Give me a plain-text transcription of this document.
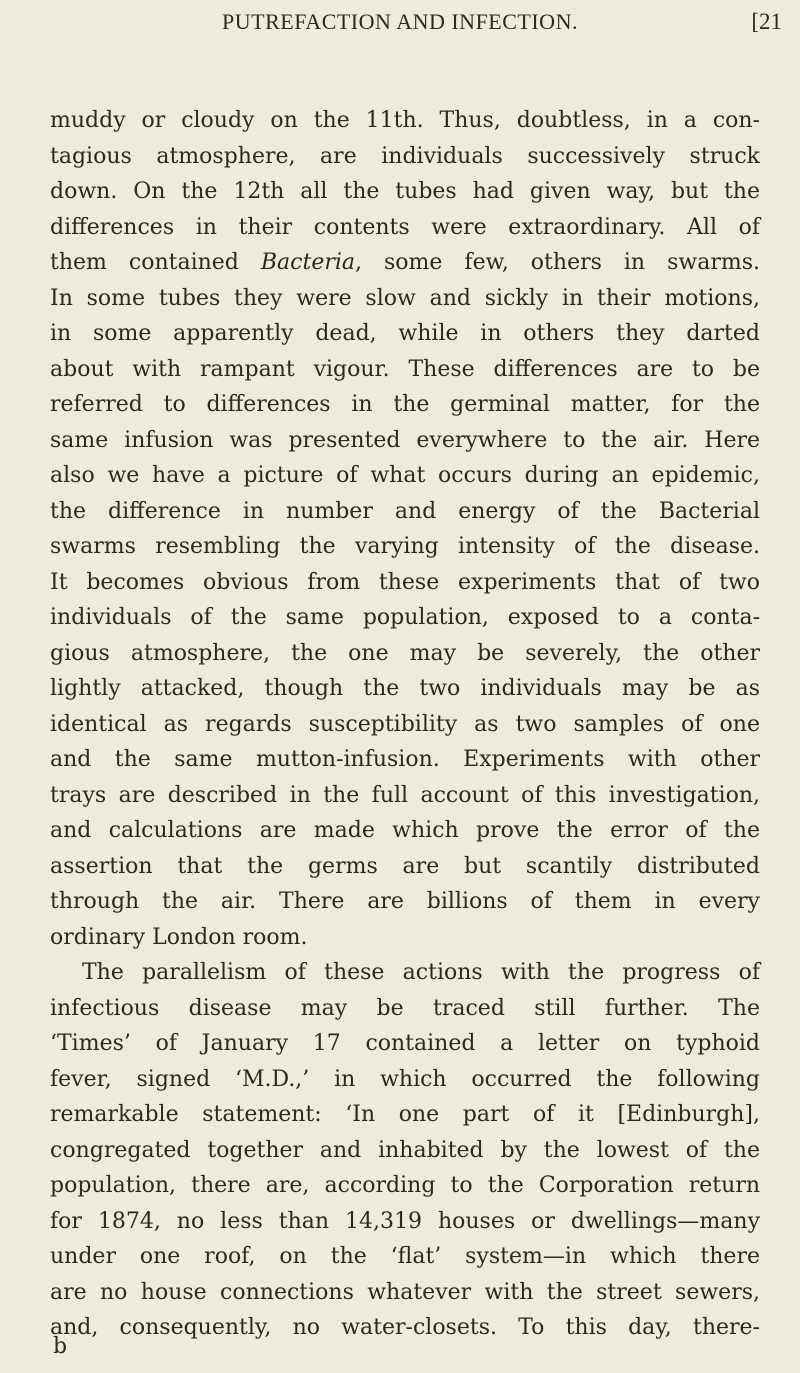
PUTREFACTION AND INFECTION.	[21
muddy or cloudy on the 11th. Thus, doubtless, in a con-
tagious atmosphere, are individuals successively struck
down. On the 12th all the tubes had given way, but the
differences in their contents were extraordinary. All of
them contained Bacteria, some few, others in swarms.
In some tubes they were slow and sickly in their motions,
in some apparently dead, while in others they darted
about with rampant vigour. These differences are to be
referred to differences in the germinal matter, for the
same infusion was presented everywhere to the air. Here
also we have a picture of what occurs during an epidemic,
the difference in number and energy of the Bacterial
swarms resembling the varying intensity of the disease.
It becomes obvious from these experiments that of two
individuals of the same population, exposed to a conta-
gious atmosphere, the one may be severely, the other
lightly attacked, though the two individuals may be as
identical as regards susceptibility as two samples of one
and the same mutton-infusion. Experiments with other
trays are described in the full account of this investigation,
and calculations are made which prove the error of the
assertion that the germs are but scantily distributed
through the air. There are billions of them in every
ordinary London room.
The parallelism of these actions with the progress of
infectious disease may be traced still further. The
‘Times’ of January 17 contained a letter on typhoid
fever, signed ‘M.D.,’ in which occurred the following
remarkable statement: ‘In one part of it [Edinburgh],
congregated together and inhabited by the lowest of the
population, there are, according to the Corporation return
for 1874, no less than 14,319 houses or dwellings—many
under one roof, on the ‘flat’ system—in which there
are no house connections whatever with the street sewers,
and, consequently, no water-closets. To this day, there-
b
